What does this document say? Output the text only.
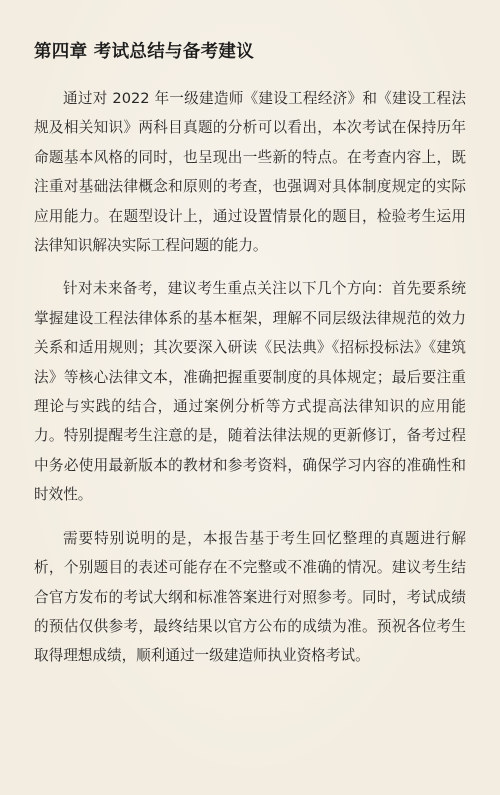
第四章 考试总结与备考建议

通过对 2022 年一级建造师《建设工程经济》和《建设工程法规及相关知识》两科目真题的分析可以看出，本次考试在保持历年命题基本风格的同时，也呈现出一些新的特点。在考查内容上，既注重对基础法律概念和原则的考查，也强调对具体制度规定的实际应用能力。在题型设计上，通过设置情景化的题目，检验考生运用法律知识解决实际工程问题的能力。

针对未来备考，建议考生重点关注以下几个方向：首先要系统掌握建设工程法律体系的基本框架，理解不同层级法律规范的效力关系和适用规则；其次要深入研读《民法典》《招标投标法》《建筑法》等核心法律文本，准确把握重要制度的具体规定；最后要注重理论与实践的结合，通过案例分析等方式提高法律知识的应用能力。特别提醒考生注意的是，随着法律法规的更新修订，备考过程中务必使用最新版本的教材和参考资料，确保学习内容的准确性和时效性。

需要特别说明的是，本报告基于考生回忆整理的真题进行解析，个别题目的表述可能存在不完整或不准确的情况。建议考生结合官方发布的考试大纲和标准答案进行对照参考。同时，考试成绩的预估仅供参考，最终结果以官方公布的成绩为准。预祝各位考生取得理想成绩，顺利通过一级建造师执业资格考试。
